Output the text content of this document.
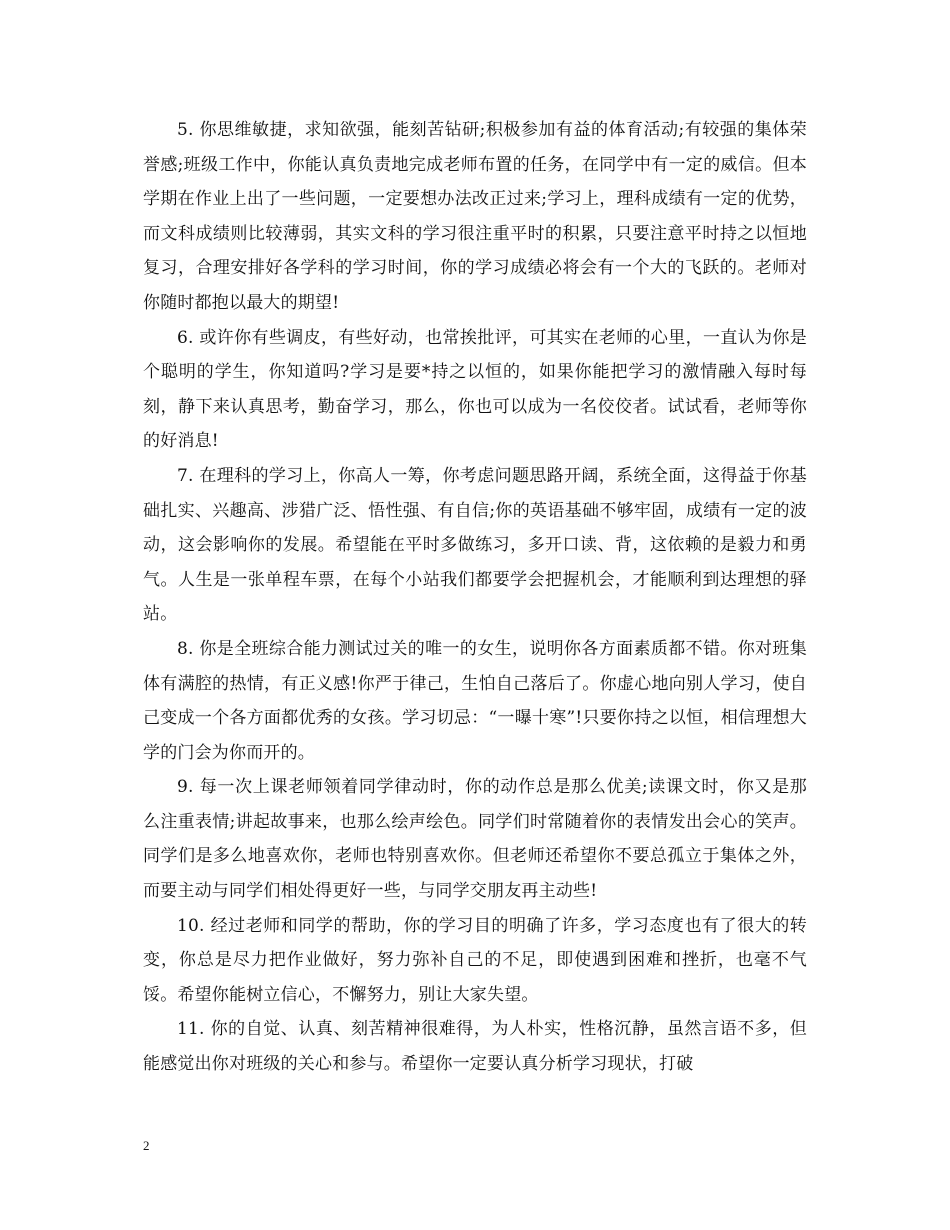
5. 你思维敏捷，求知欲强，能刻苦钻研;积极参加有益的体育活动;有较强的集体荣誉感;班级工作中，你能认真负责地完成老师布置的任务，在同学中有一定的威信。但本学期在作业上出了一些问题，一定要想办法改正过来;学习上，理科成绩有一定的优势，而文科成绩则比较薄弱，其实文科的学习很注重平时的积累，只要注意平时持之以恒地复习，合理安排好各学科的学习时间，你的学习成绩必将会有一个大的飞跃的。老师对你随时都抱以最大的期望!

6. 或许你有些调皮，有些好动，也常挨批评，可其实在老师的心里，一直认为你是个聪明的学生，你知道吗?学习是要*持之以恒的，如果你能把学习的激情融入每时每刻，静下来认真思考，勤奋学习，那么，你也可以成为一名佼佼者。试试看，老师等你的好消息!

7. 在理科的学习上，你高人一筹，你考虑问题思路开阔，系统全面，这得益于你基础扎实、兴趣高、涉猎广泛、悟性强、有自信;你的英语基础不够牢固，成绩有一定的波动，这会影响你的发展。希望能在平时多做练习，多开口读、背，这依赖的是毅力和勇气。人生是一张单程车票，在每个小站我们都要学会把握机会，才能顺利到达理想的驿站。

8. 你是全班综合能力测试过关的唯一的女生，说明你各方面素质都不错。你对班集体有满腔的热情，有正义感!你严于律己，生怕自己落后了。你虚心地向别人学习，使自己变成一个各方面都优秀的女孩。学习切忌：“一曝十寒”!只要你持之以恒，相信理想大学的门会为你而开的。

9. 每一次上课老师领着同学律动时，你的动作总是那么优美;读课文时，你又是那么注重表情;讲起故事来，也那么绘声绘色。同学们时常随着你的表情发出会心的笑声。同学们是多么地喜欢你，老师也特别喜欢你。但老师还希望你不要总孤立于集体之外，而要主动与同学们相处得更好一些，与同学交朋友再主动些!

10. 经过老师和同学的帮助，你的学习目的明确了许多，学习态度也有了很大的转变，你总是尽力把作业做好，努力弥补自己的不足，即使遇到困难和挫折，也毫不气馁。希望你能树立信心，不懈努力，别让大家失望。

11. 你的自觉、认真、刻苦精神很难得，为人朴实，性格沉静，虽然言语不多，但能感觉出你对班级的关心和参与。希望你一定要认真分析学习现状，打破

2
